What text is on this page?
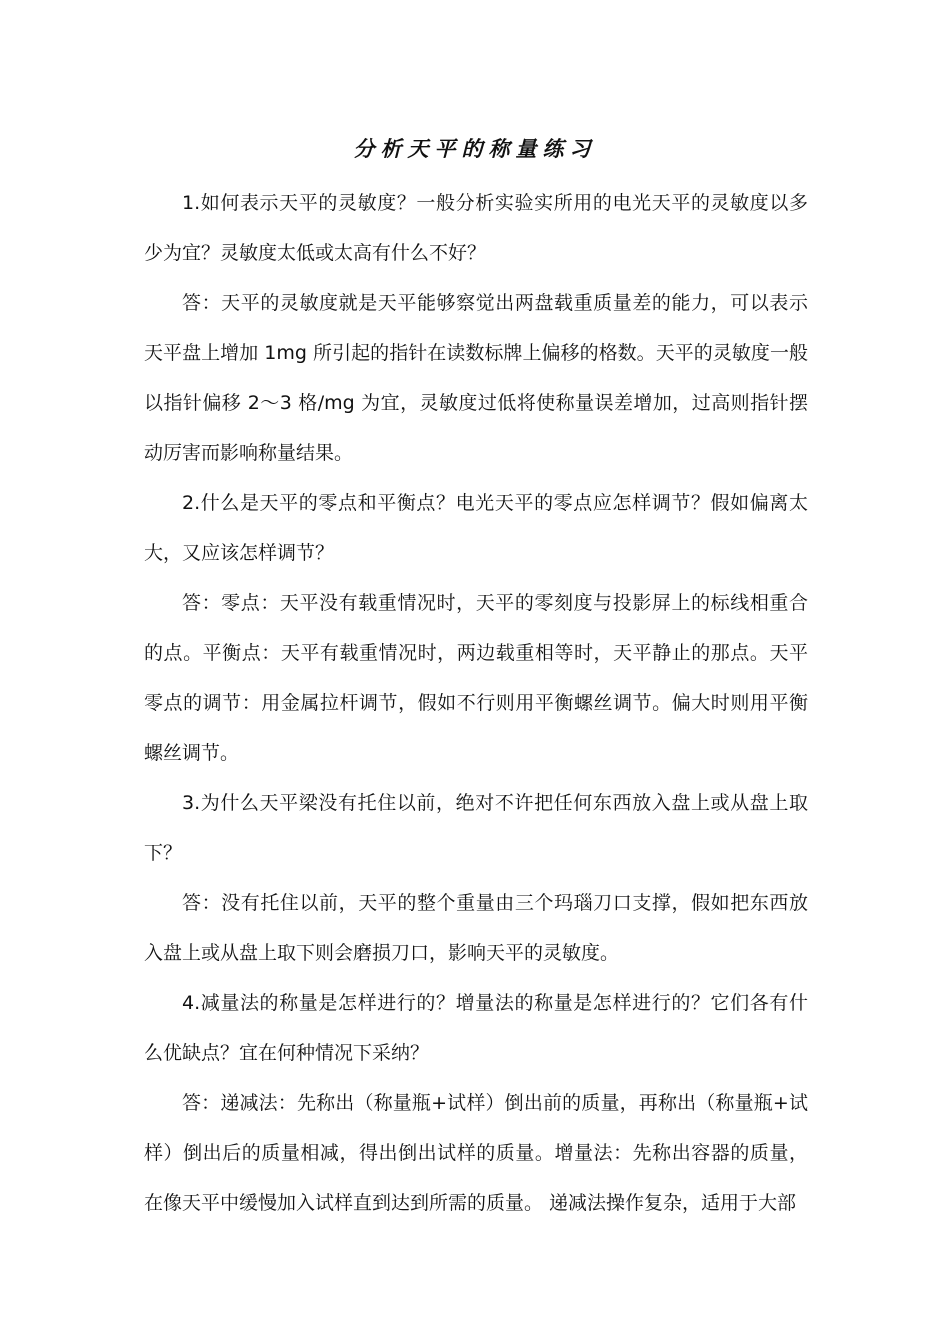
分析天平的称量练习

1.如何表示天平的灵敏度？一般分析实验实所用的电光天平的灵敏度以多少为宜？灵敏度太低或太高有什么不好？

答：天平的灵敏度就是天平能够察觉出两盘载重质量差的能力，可以表示天平盘上增加 1mg 所引起的指针在读数标牌上偏移的格数。天平的灵敏度一般以指针偏移 2～3 格/mg 为宜，灵敏度过低将使称量误差增加，过高则指针摆动厉害而影响称量结果。

2.什么是天平的零点和平衡点？电光天平的零点应怎样调节？假如偏离太大，又应该怎样调节？

答：零点：天平没有载重情况时，天平的零刻度与投影屏上的标线相重合的点。平衡点：天平有载重情况时，两边载重相等时，天平静止的那点。天平零点的调节：用金属拉杆调节，假如不行则用平衡螺丝调节。偏大时则用平衡螺丝调节。

3.为什么天平梁没有托住以前，绝对不许把任何东西放入盘上或从盘上取下？

答：没有托住以前，天平的整个重量由三个玛瑙刀口支撑，假如把东西放入盘上或从盘上取下则会磨损刀口，影响天平的灵敏度。

4.减量法的称量是怎样进行的？增量法的称量是怎样进行的？它们各有什么优缺点？宜在何种情况下采纳？

答：递减法：先称出（称量瓶+试样）倒出前的质量，再称出（称量瓶+试样）倒出后的质量相减，得出倒出试样的质量。增量法：先称出容器的质量，在像天平中缓慢加入试样直到达到所需的质量。 递减法操作复杂，适用于大部
